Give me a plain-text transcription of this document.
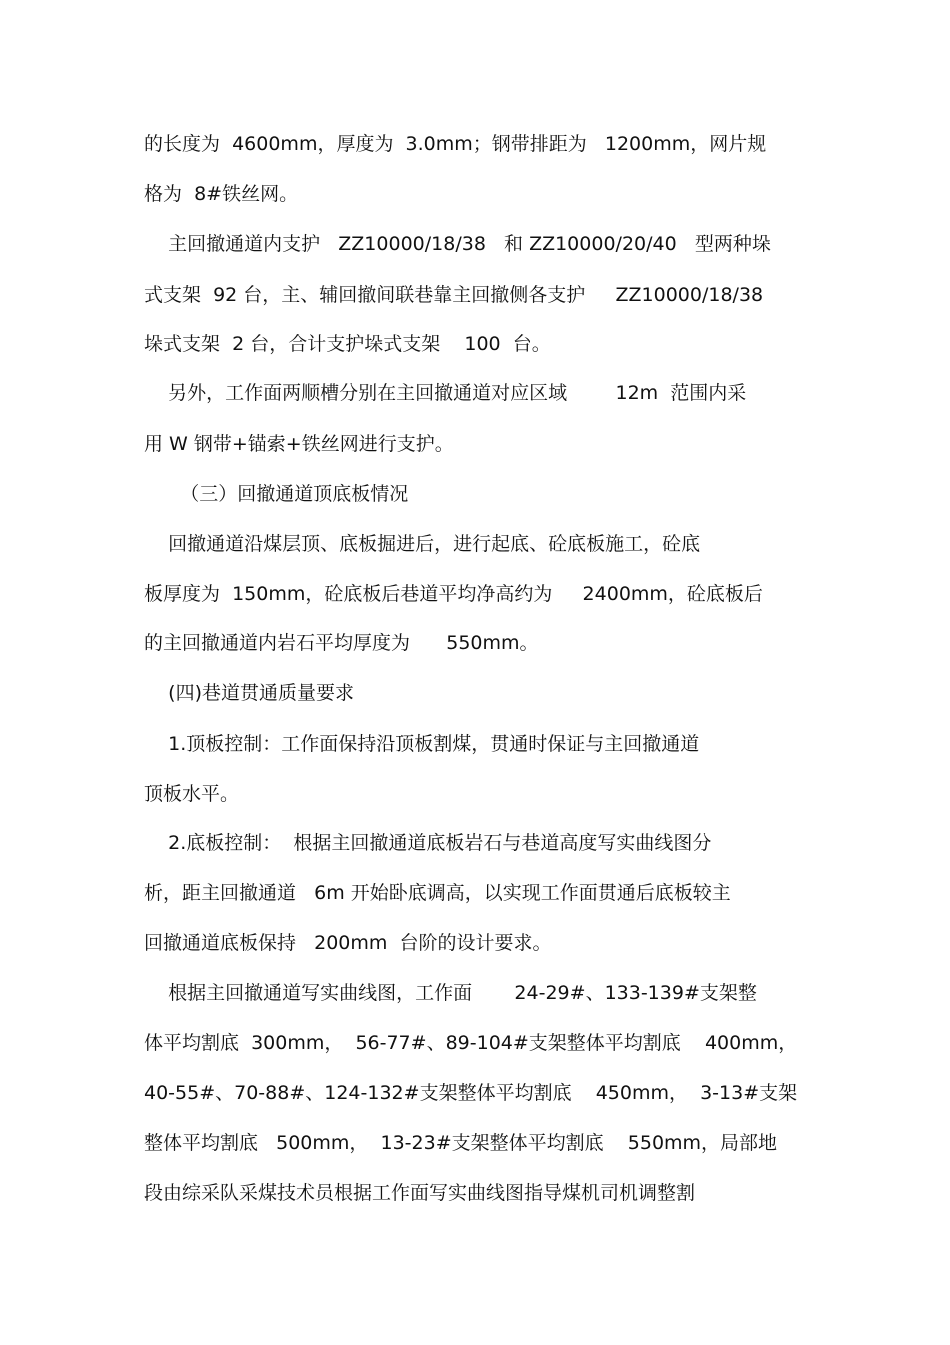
的长度为  4600mm，厚度为  3.0mm；钢带排距为   1200mm，网片规
格为  8#铁丝网。
主回撤通道内支护   ZZ10000/18/38   和 ZZ10000/20/40   型两种垛
式支架  92 台，主、辅回撤间联巷靠主回撤侧各支护     ZZ10000/18/38
垛式支架  2 台，合计支护垛式支架    100  台。
另外，工作面两顺槽分别在主回撤通道对应区域        12m  范围内采
用 W 钢带+锚索+铁丝网进行支护。
（三）回撤通道顶底板情况
回撤通道沿煤层顶、底板掘进后，进行起底、砼底板施工，砼底
板厚度为  150mm，砼底板后巷道平均净高约为     2400mm，砼底板后
的主回撤通道内岩石平均厚度为      550mm。
(四)巷道贯通质量要求
1.顶板控制：工作面保持沿顶板割煤，贯通时保证与主回撤通道
顶板水平。
2.底板控制：  根据主回撤通道底板岩石与巷道高度写实曲线图分
析，距主回撤通道   6m 开始卧底调高，以实现工作面贯通后底板较主
回撤通道底板保持   200mm  台阶的设计要求。
根据主回撤通道写实曲线图，工作面       24-29#、133-139#支架整
体平均割底  300mm，  56-77#、89-104#支架整体平均割底    400mm，
40-55#、70-88#、124-132#支架整体平均割底    450mm，  3-13#支架
整体平均割底   500mm，  13-23#支架整体平均割底    550mm，局部地
段由综采队采煤技术员根据工作面写实曲线图指导煤机司机调整割
